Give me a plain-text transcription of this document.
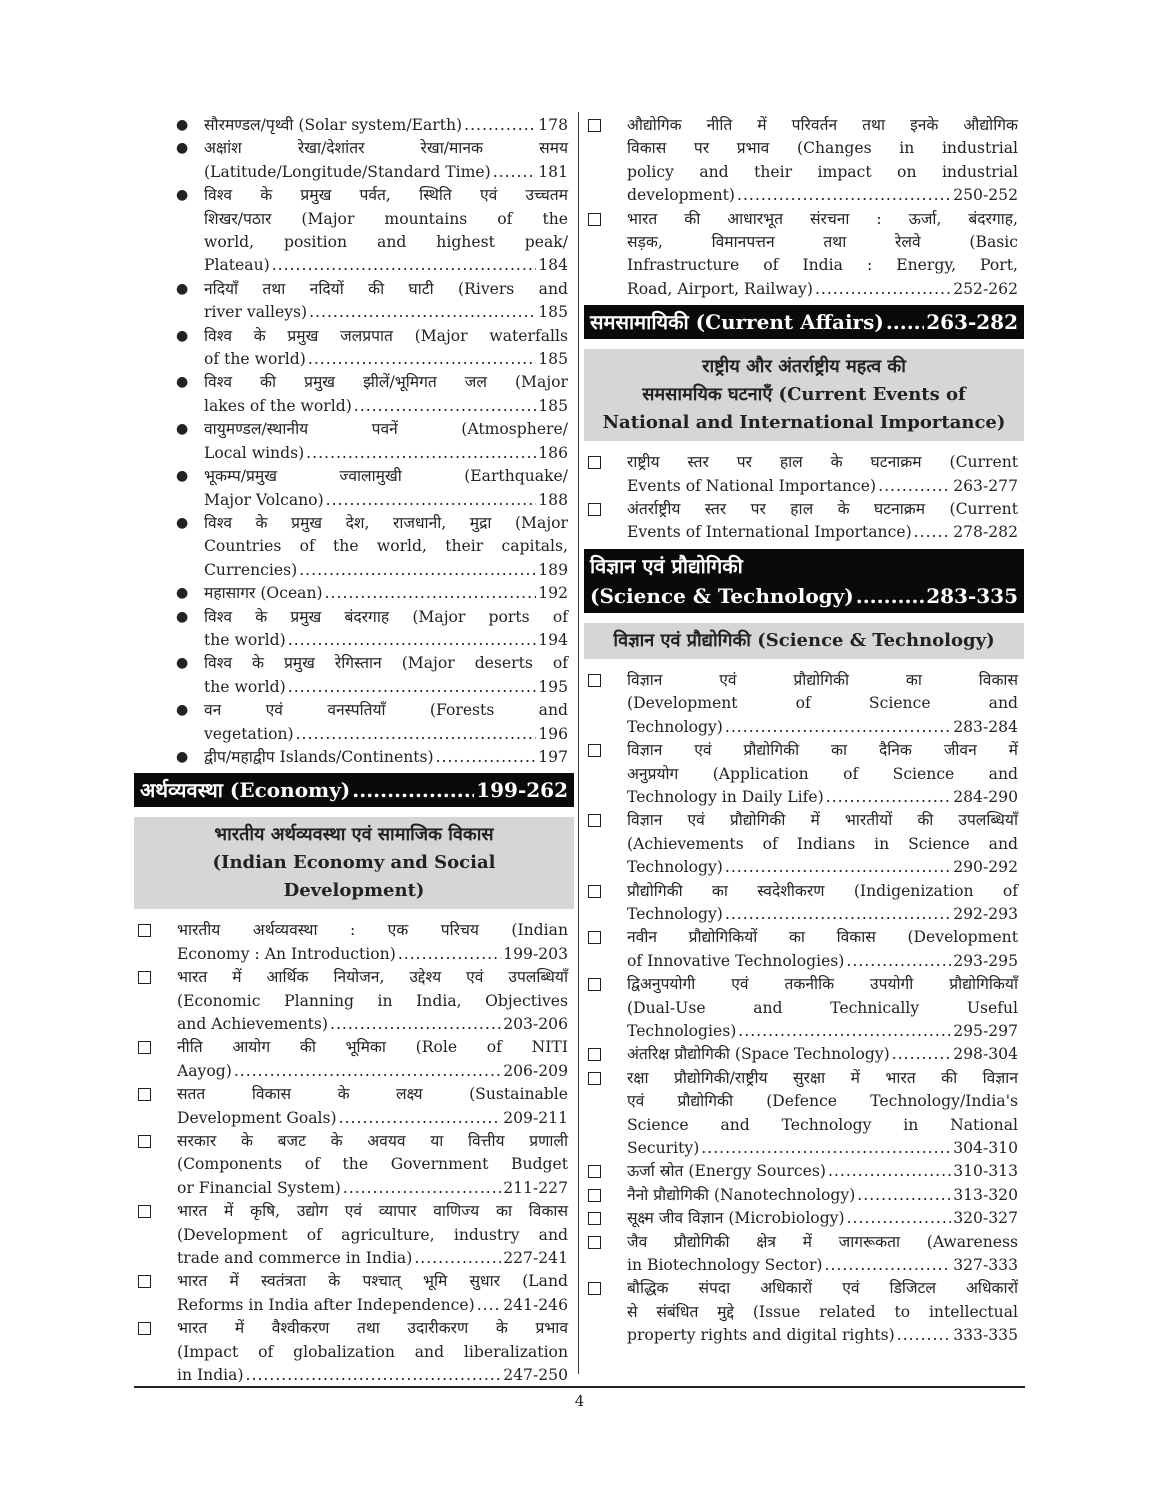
● सौरमण्डल/पृथ्वी (Solar system/Earth) .....	178
● अक्षांश रेखा/देशांतर रेखा/मानक समय
(Latitude/Longitude/Standard Time) .....	181
● विश्व के प्रमुख पर्वत, स्थिति एवं उच्चतम
शिखर/पठार (Major mountains of the
world, position and highest peak/
Plateau) .....	184
● नदियाँ तथा नदियों की घाटी (Rivers and
river valleys) .....	185
● विश्व के प्रमुख जलप्रपात (Major waterfalls
of the world) .....	185
● विश्व की प्रमुख झीलें/भूमिगत जल (Major
lakes of the world) .....	185
● वायुमण्डल/स्थानीय पवनें (Atmosphere/
Local winds) .....	186
● भूकम्प/प्रमुख ज्वालामुखी (Earthquake/
Major Volcano) .....	188
● विश्व के प्रमुख देश, राजधानी, मुद्रा (Major
Countries of the world, their capitals,
Currencies) .....	189
● महासागर (Ocean) .....	192
● विश्व के प्रमुख बंदरगाह (Major ports of
the world) .....	194
● विश्व के प्रमुख रेगिस्तान (Major deserts of
the world) .....	195
● वन एवं वनस्पतियाँ (Forests and
vegetation) .....	196
● द्वीप/महाद्वीप Islands/Continents) .....	197
अर्थव्यवस्था (Economy) .....	199-262
भारतीय अर्थव्यवस्था एवं सामाजिक विकास
(Indian Economy and Social
Development)
भारतीय अर्थव्यवस्था : एक परिचय (Indian
Economy : An Introduction) .....	199-203
भारत में आर्थिक नियोजन, उद्देश्य एवं उपलब्धियाँ
(Economic Planning in India, Objectives
and Achievements) .....	203-206
नीति आयोग की भूमिका (Role of NITI
Aayog) .....	206-209
सतत विकास के लक्ष्य (Sustainable
Development Goals) .....	209-211
सरकार के बजट के अवयव या वित्तीय प्रणाली
(Components of the Government Budget
or Financial System) .....	211-227
भारत में कृषि, उद्योग एवं व्यापार वाणिज्य का विकास
(Development of agriculture, industry and
trade and commerce in India) .....	227-241
भारत में स्वतंत्रता के पश्चात् भूमि सुधार (Land
Reforms in India after Independence) ..... 241-246
भारत में वैश्वीकरण तथा उदारीकरण के प्रभाव
(Impact of globalization and liberalization
in India) .....	247-250
औद्योगिक नीति में परिवर्तन तथा इनके औद्योगिक
विकास पर प्रभाव (Changes in industrial
policy and their impact on industrial
development) .....	250-252
भारत की आधारभूत संरचना : ऊर्जा, बंदरगाह,
सड़क, विमानपत्तन तथा रेलवे (Basic
Infrastructure of India : Energy, Port,
Road, Airport, Railway) .....	252-262
समसामायिकी (Current Affairs) ..... 263-282
राष्ट्रीय और अंतर्राष्ट्रीय महत्व की
समसामयिक घटनाएँ (Current Events of
National and International Importance)
राष्ट्रीय स्तर पर हाल के घटनाक्रम (Current
Events of National Importance) .....	263-277
अंतर्राष्ट्रीय स्तर पर हाल के घटनाक्रम (Current
Events of International Importance) .....	278-282
विज्ञान एवं प्रौद्योगिकी
(Science & Technology) .....	283-335
विज्ञान एवं प्रौद्योगिकी (Science & Technology)
विज्ञान एवं प्रौद्योगिकी का विकास
(Development of Science and
Technology) .....	283-284
विज्ञान एवं प्रौद्योगिकी का दैनिक जीवन में
अनुप्रयोग (Application of Science and
Technology in Daily Life) .....	284-290
विज्ञान एवं प्रौद्योगिकी में भारतीयों की उपलब्धियाँ
(Achievements of Indians in Science and
Technology) .....	290-292
प्रौद्योगिकी का स्वदेशीकरण (Indigenization of
Technology) .....	292-293
नवीन प्रौद्योगिकियों का विकास (Development
of Innovative Technologies) .....	293-295
द्विअनुपयोगी एवं तकनीकि उपयोगी प्रौद्योगिकियाँ
(Dual-Use and Technically Useful
Technologies) .....	295-297
अंतरिक्ष प्रौद्योगिकी (Space Technology) .....	298-304
रक्षा प्रौद्योगिकी/राष्ट्रीय सुरक्षा में भारत की विज्ञान
एवं प्रौद्योगिकी (Defence Technology/India's
Science and Technology in National
Security) .....	304-310
ऊर्जा स्रोत (Energy Sources) .....	310-313
नैनो प्रौद्योगिकी (Nanotechnology) .....	313-320
सूक्ष्म जीव विज्ञान (Microbiology) .....	320-327
जैव प्रौद्योगिकी क्षेत्र में जागरूकता (Awareness
in Biotechnology Sector) .....	327-333
बौद्धिक संपदा अधिकारों एवं डिजिटल अधिकारों
से संबंधित मुद्दे (Issue related to intellectual
property rights and digital rights) .....	333-335
4
